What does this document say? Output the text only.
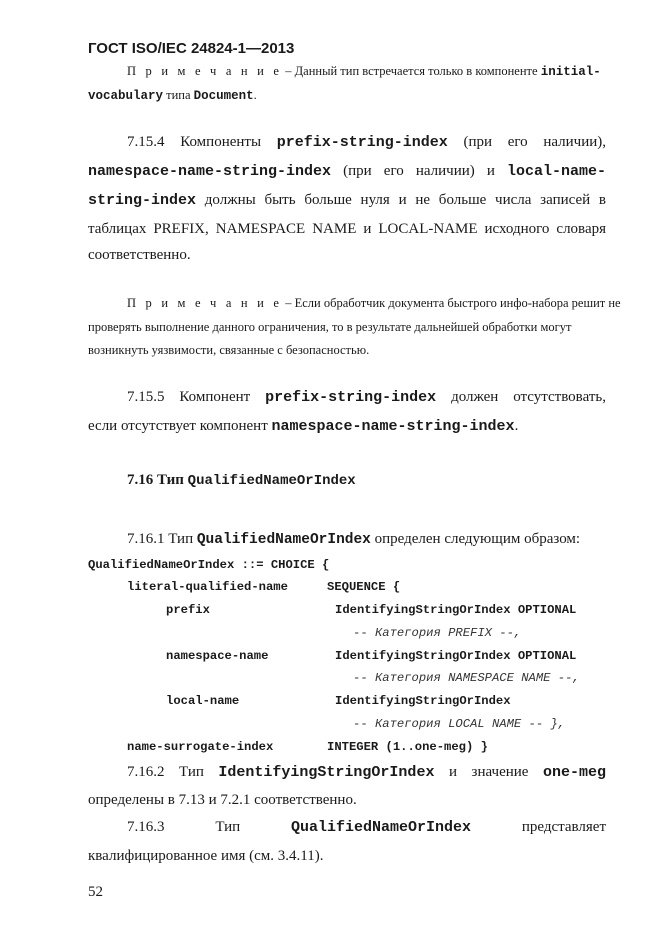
ГОСТ ISO/IEC 24824-1—2013
П р и м е ч а н и е – Данный тип встречается только в компоненте initial-
vocabulary типа Document.
7.15.4 Компоненты prefix-string-index (при его наличии),
namespace-name-string-index (при его наличии) и local-name-
string-index должны быть больше нуля и не больше числа записей в
таблицах PREFIX, NAMESPACE NAME и LOCAL-NAME исходного словаря
соответственно.
П р и м е ч а н и е – Если обработчик документа быстрого инфо-набора решит не
проверять выполнение данного ограничения, то в результате дальнейшей обработки могут
возникнуть уязвимости, связанные с безопасностью.
7.15.5 Компонент prefix-string-index должен отсутствовать,
если отсутствует компонент namespace-name-string-index.
7.16 Тип QualifiedNameOrIndex
7.16.1 Тип QualifiedNameOrIndex определен следующим образом:
QualifiedNameOrIndex ::= CHOICE {
literal-qualified-name	SEQUENCE {
prefix	IdentifyingStringOrIndex OPTIONAL
-- Категория PREFIX --,
namespace-name	IdentifyingStringOrIndex OPTIONAL
-- Категория NAMESPACE NAME --,
local-name	IdentifyingStringOrIndex
-- Категория LOCAL NAME -- },
name-surrogate-index	INTEGER (1..one-meg) }
7.16.2 Тип IdentifyingStringOrIndex и значение one-meg
определены в 7.13 и 7.2.1 соответственно.
7.16.3	Тип	QualifiedNameOrIndex	представляет
квалифицированное имя (см. 3.4.11).
52
